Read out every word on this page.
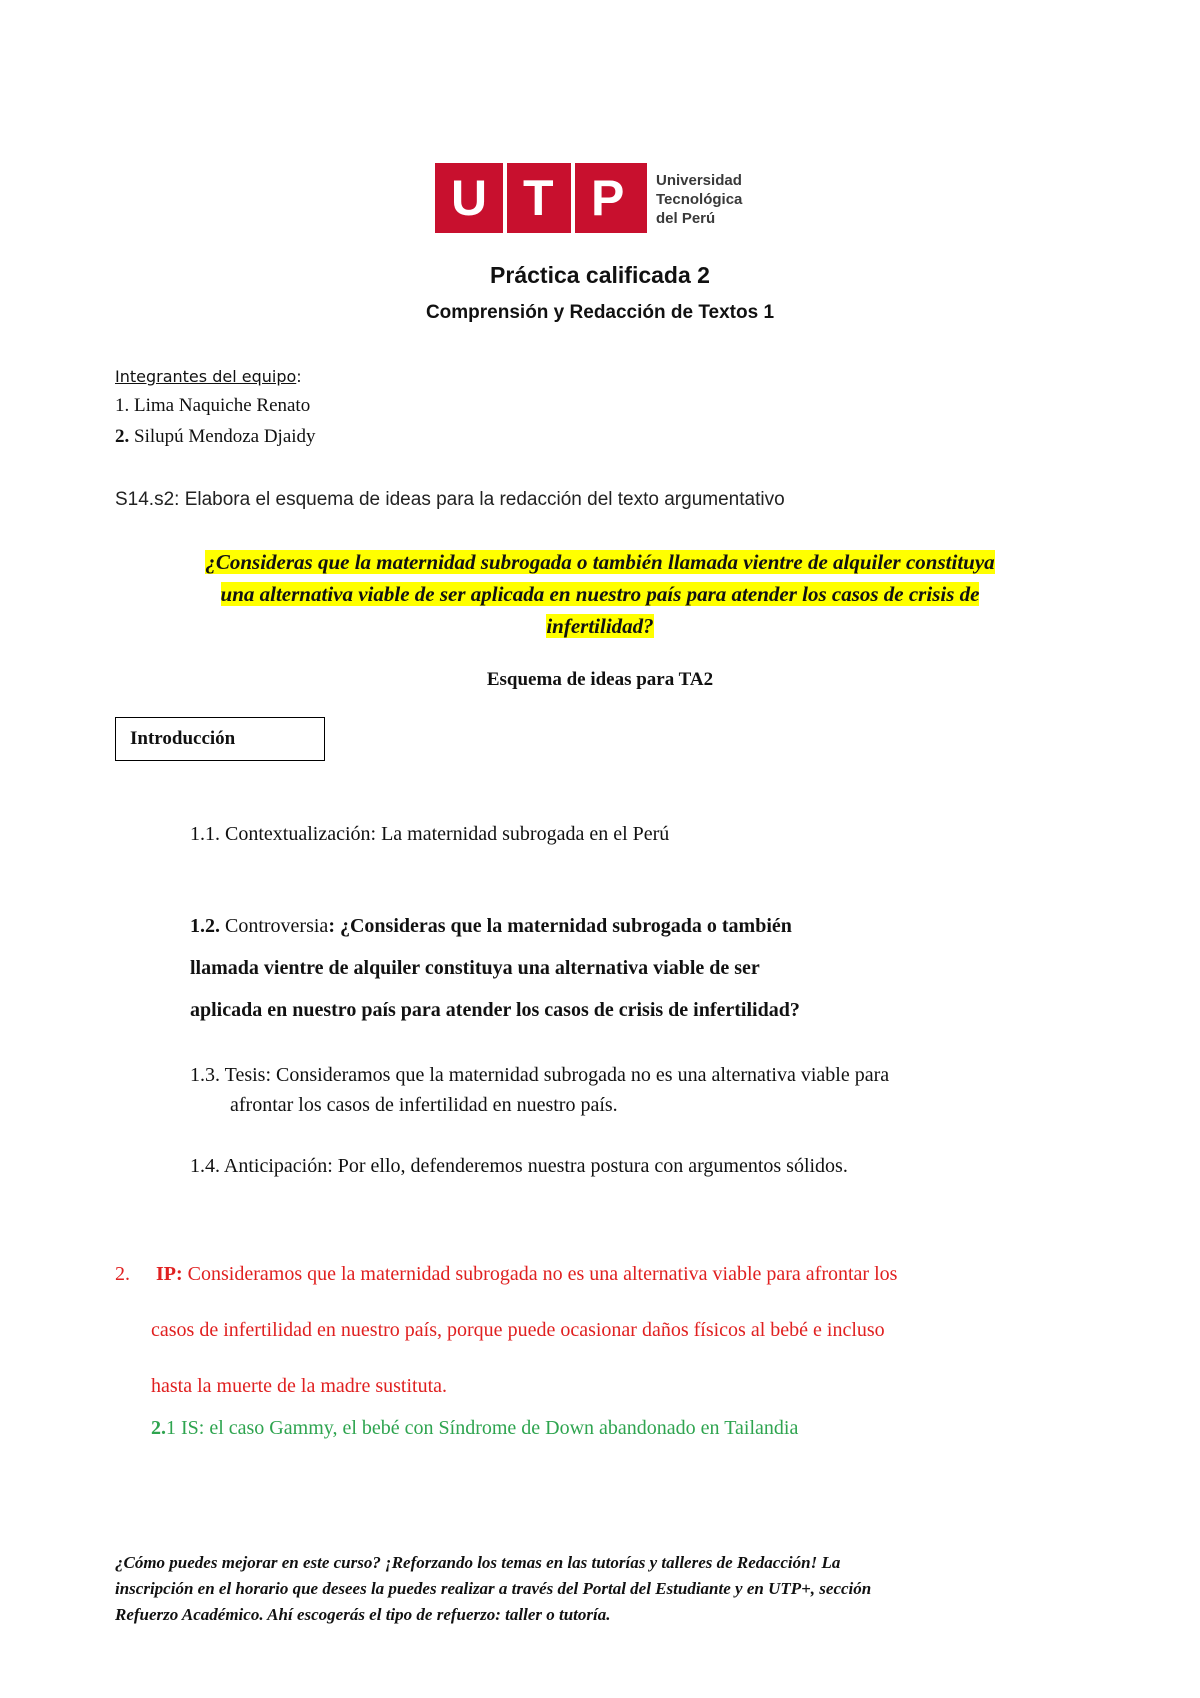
U T P Universidad
Tecnológica
del Perú
Práctica calificada 2
Comprensión y Redacción de Textos 1
Integrantes del equipo:
1. Lima Naquiche Renato
2. Silupú Mendoza Djaidy
S14.s2: Elabora el esquema de ideas para la redacción del texto argumentativo
¿Consideras que la maternidad subrogada o también llamada vientre de alquiler constituya
una alternativa viable de ser aplicada en nuestro país para atender los casos de crisis de
infertilidad?
Esquema de ideas para TA2
Introducción
1.1. Contextualización: La maternidad subrogada en el Perú
1.2. Controversia: ¿Consideras que la maternidad subrogada o también
llamada vientre de alquiler constituya una alternativa viable de ser
aplicada en nuestro país para atender los casos de crisis de infertilidad?
1.3. Tesis: Consideramos que la maternidad subrogada no es una alternativa viable para
afrontar los casos de infertilidad en nuestro país.
1.4. Anticipación: Por ello, defenderemos nuestra postura con argumentos sólidos.
2. IP: Consideramos que la maternidad subrogada no es una alternativa viable para afrontar los
casos de infertilidad en nuestro país, porque puede ocasionar daños físicos al bebé e incluso
hasta la muerte de la madre sustituta.
2.1 IS: el caso Gammy, el bebé con Síndrome de Down abandonado en Tailandia
¿Cómo puedes mejorar en este curso? ¡Reforzando los temas en las tutorías y talleres de Redacción! La
inscripción en el horario que desees la puedes realizar a través del Portal del Estudiante y en UTP+, sección
Refuerzo Académico. Ahí escogerás el tipo de refuerzo: taller o tutoría.
